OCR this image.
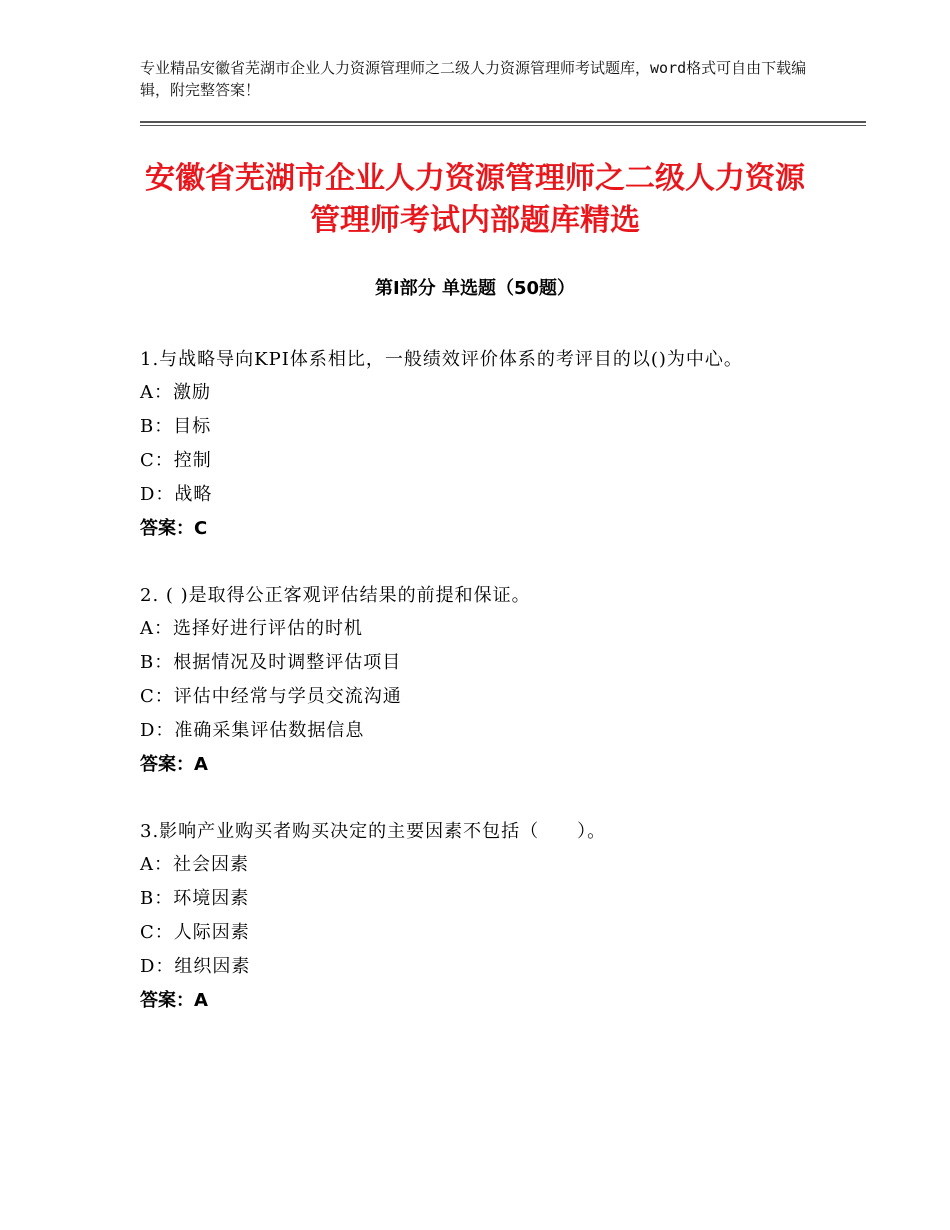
专业精品安徽省芜湖市企业人力资源管理师之二级人力资源管理师考试题库，word格式可自由下载编辑，附完整答案！
安徽省芜湖市企业人力资源管理师之二级人力资源管理师考试内部题库精选
第Ⅰ部分 单选题（50题）
1.与战略导向KPI体系相比，一般绩效评价体系的考评目的以()为中心。
A：激励
B：目标
C：控制
D：战略
答案：C
2. ( )是取得公正客观评估结果的前提和保证。
A：选择好进行评估的时机
B：根据情况及时调整评估项目
C：评估中经常与学员交流沟通
D：准确采集评估数据信息
答案：A
3.影响产业购买者购买决定的主要因素不包括（　　）。
A：社会因素
B：环境因素
C：人际因素
D：组织因素
答案：A
